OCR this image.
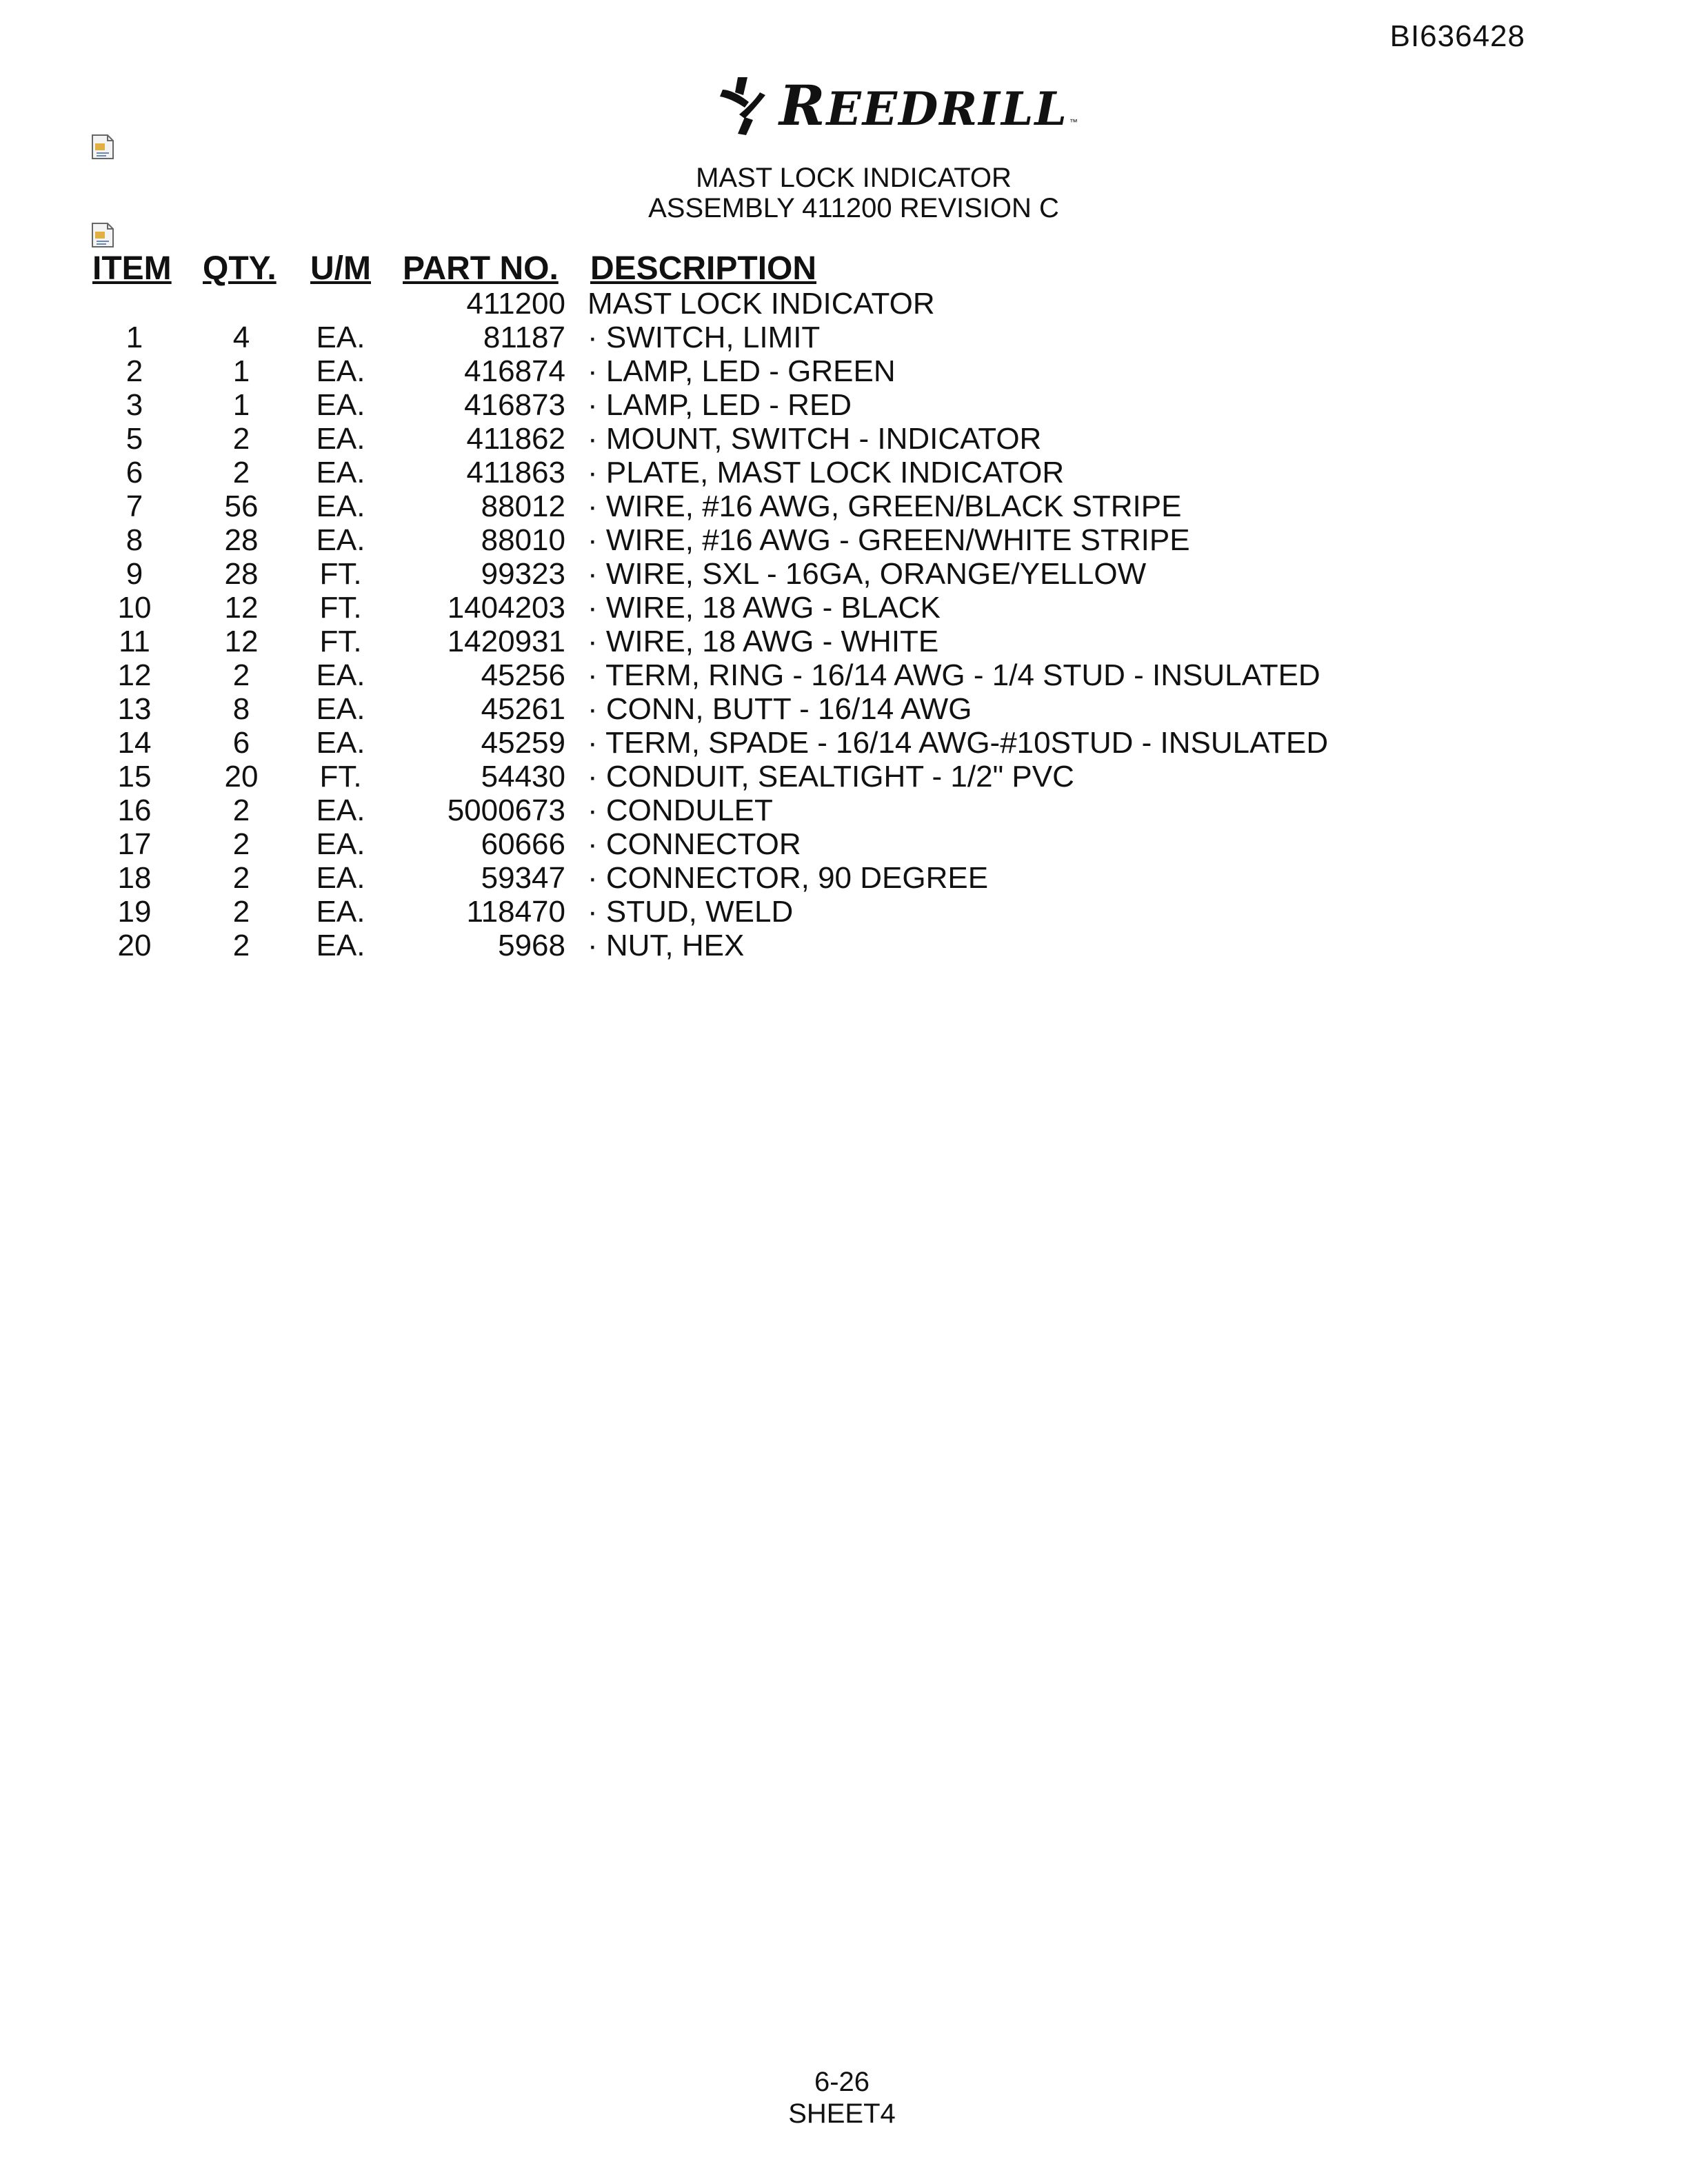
BI636428
REEDRILL ™
MAST LOCK INDICATOR
ASSEMBLY 411200 REVISION C
ITEM QTY. U/M PART NO. DESCRIPTION
411200 MAST LOCK INDICATOR
1	4	EA.	81187 · SWITCH, LIMIT
2	1	EA.	416874 · LAMP, LED - GREEN
3	1	EA.	416873 · LAMP, LED - RED
5	2	EA.	411862 · MOUNT, SWITCH - INDICATOR
6	2	EA.	411863 · PLATE, MAST LOCK INDICATOR
7	56	EA.	88012 · WIRE, #16 AWG, GREEN/BLACK STRIPE
8	28	EA.	88010 · WIRE, #16 AWG - GREEN/WHITE STRIPE
9	28	FT.	99323 · WIRE, SXL - 16GA, ORANGE/YELLOW
10	12	FT.	1404203 · WIRE, 18 AWG - BLACK
11	12	FT.	1420931 · WIRE, 18 AWG - WHITE
12	2	EA.	45256 · TERM, RING - 16/14 AWG - 1/4 STUD - INSULATED
13	8	EA.	45261 · CONN, BUTT - 16/14 AWG
14	6	EA.	45259 · TERM, SPADE - 16/14 AWG-#10STUD - INSULATED
15	20	FT.	54430 · CONDUIT, SEALTIGHT - 1/2" PVC
16	2	EA.	5000673 · CONDULET
17	2	EA.	60666 · CONNECTOR
18	2	EA.	59347 · CONNECTOR, 90 DEGREE
19	2	EA.	118470 · STUD, WELD
20	2	EA.	5968 · NUT, HEX
6-26
SHEET4
